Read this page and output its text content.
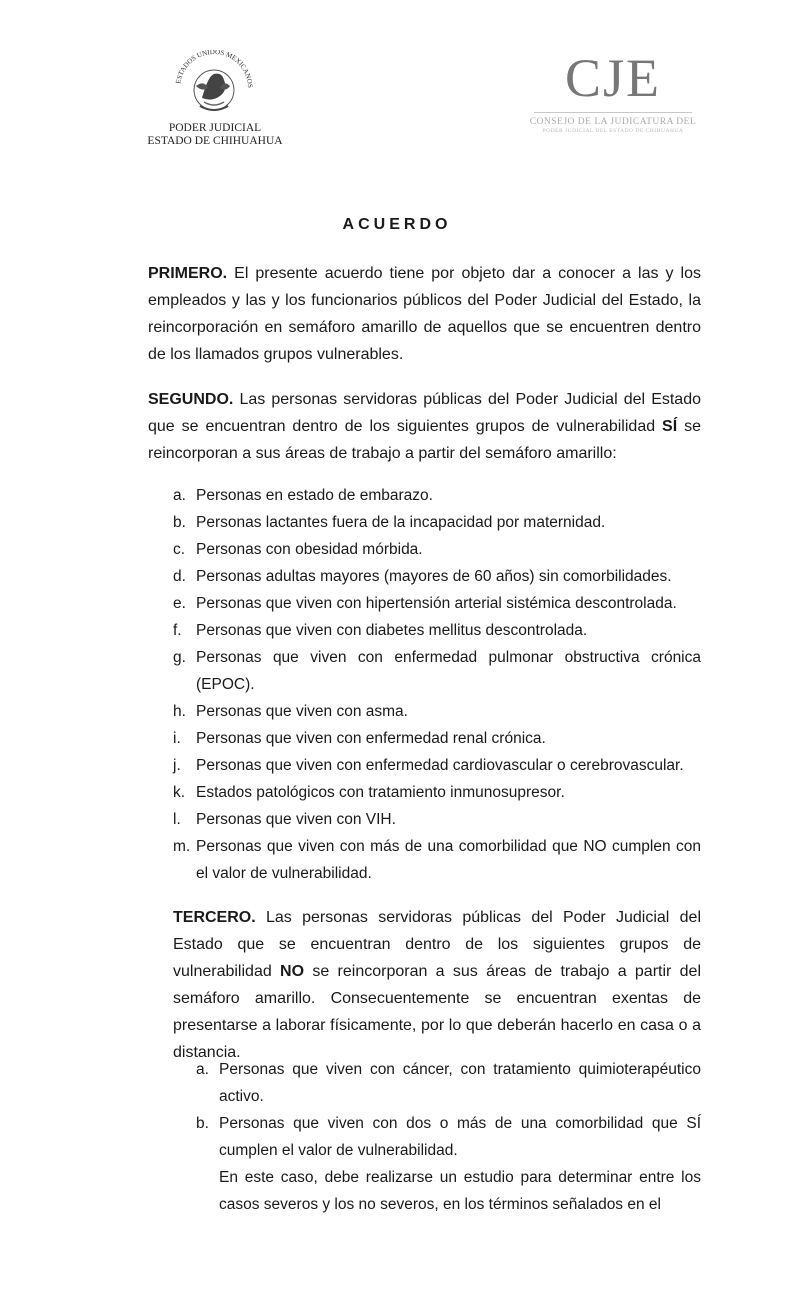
ESTADOS UNIDOS MEXICANOS
PODER JUDICIAL
ESTADO DE CHIHUAHUA
CJE
CONSEJO DE LA JUDICATURA DEL
PODER JUDICIAL DEL ESTADO DE CHIHUAHUA
ACUERDO

PRIMERO. El presente acuerdo tiene por objeto dar a conocer a las y los empleados y las y los funcionarios públicos del Poder Judicial del Estado, la reincorporación en semáforo amarillo de aquellos que se encuentren dentro de los llamados grupos vulnerables.

SEGUNDO. Las personas servidoras públicas del Poder Judicial del Estado que se encuentran dentro de los siguientes grupos de vulnerabilidad SÍ se reincorporan a sus áreas de trabajo a partir del semáforo amarillo:

a. Personas en estado de embarazo.
b. Personas lactantes fuera de la incapacidad por maternidad.
c. Personas con obesidad mórbida.
d. Personas adultas mayores (mayores de 60 años) sin comorbilidades.
e. Personas que viven con hipertensión arterial sistémica descontrolada.
f. Personas que viven con diabetes mellitus descontrolada.
g. Personas que viven con enfermedad pulmonar obstructiva crónica (EPOC).
h. Personas que viven con asma.
i. Personas que viven con enfermedad renal crónica.
j. Personas que viven con enfermedad cardiovascular o cerebrovascular.
k. Estados patológicos con tratamiento inmunosupresor.
l. Personas que viven con VIH.
m. Personas que viven con más de una comorbilidad que NO cumplen con el valor de vulnerabilidad.

TERCERO. Las personas servidoras públicas del Poder Judicial del Estado que se encuentran dentro de los siguientes grupos de vulnerabilidad NO se reincorporan a sus áreas de trabajo a partir del semáforo amarillo. Consecuentemente se encuentran exentas de presentarse a laborar físicamente, por lo que deberán hacerlo en casa o a distancia.

a. Personas que viven con cáncer, con tratamiento quimioterapéutico activo.
b. Personas que viven con dos o más de una comorbilidad que SÍ cumplen el valor de vulnerabilidad.
En este caso, debe realizarse un estudio para determinar entre los casos severos y los no severos, en los términos señalados en el
